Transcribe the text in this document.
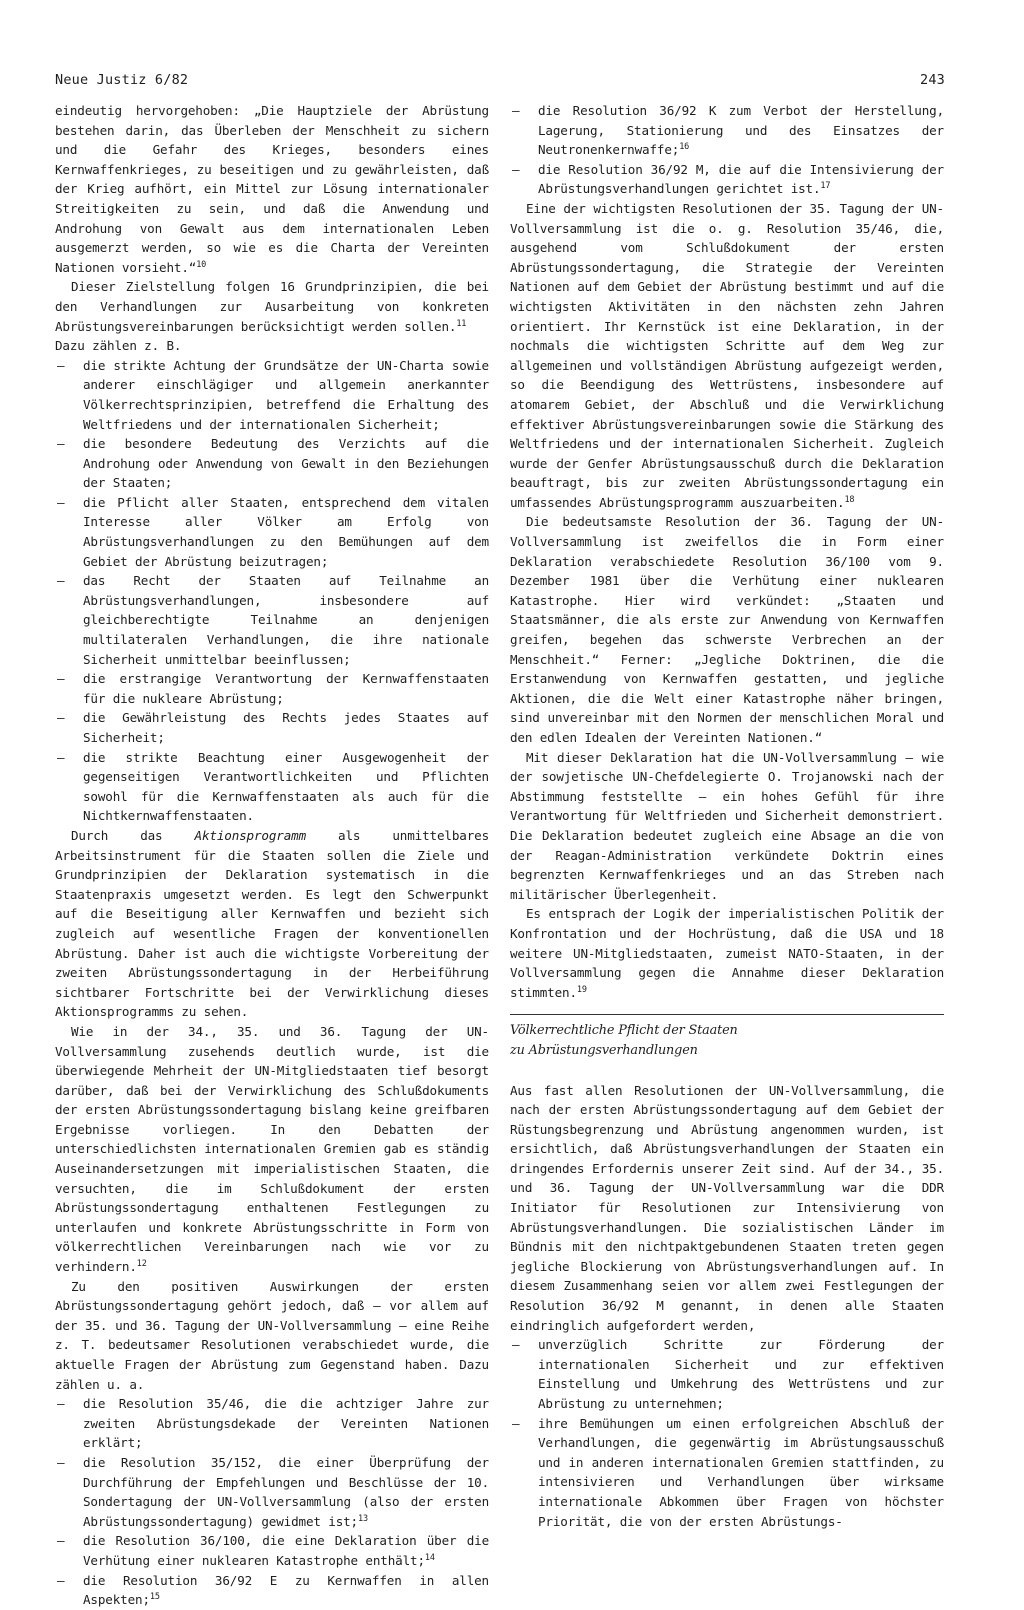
Neue Justiz 6/82	243

eindeutig hervorgehoben: „Die Hauptziele der Abrüstung bestehen darin, das Überleben der Menschheit zu sichern und die Gefahr des Krieges, besonders eines Kernwaffenkrieges, zu beseitigen und zu gewährleisten, daß der Krieg aufhört, ein Mittel zur Lösung internationaler Streitigkeiten zu sein, und daß die Anwendung und Androhung von Gewalt aus dem internationalen Leben ausgemerzt werden, so wie es die Charta der Vereinten Nationen vorsieht.“$^{10}$

Dieser Zielstellung folgen 16 Grundprinzipien, die bei den Verhandlungen zur Ausarbeitung von konkreten Abrüstungsvereinbarungen berücksichtigt werden sollen.$^{11}$

Dazu zählen z. B.

— die strikte Achtung der Grundsätze der UN-Charta sowie anderer einschlägiger und allgemein anerkannter Völkerrechtsprinzipien, betreffend die Erhaltung des Weltfriedens und der internationalen Sicherheit;
— die besondere Bedeutung des Verzichts auf die Androhung oder Anwendung von Gewalt in den Beziehungen der Staaten;
— die Pflicht aller Staaten, entsprechend dem vitalen Interesse aller Völker am Erfolg von Abrüstungsverhandlungen zu den Bemühungen auf dem Gebiet der Abrüstung beizutragen;
— das Recht der Staaten auf Teilnahme an Abrüstungsverhandlungen, insbesondere auf gleichberechtigte Teilnahme an denjenigen multilateralen Verhandlungen, die ihre nationale Sicherheit unmittelbar beeinflussen;
— die erstrangige Verantwortung der Kernwaffenstaaten für die nukleare Abrüstung;
— die Gewährleistung des Rechts jedes Staates auf Sicherheit;
— die strikte Beachtung einer Ausgewogenheit der gegenseitigen Verantwortlichkeiten und Pflichten sowohl für die Kernwaffenstaaten als auch für die Nichtkernwaffenstaaten.

Durch das Aktionsprogramm als unmittelbares Arbeitsinstrument für die Staaten sollen die Ziele und Grundprinzipien der Deklaration systematisch in die Staatenpraxis umgesetzt werden. Es legt den Schwerpunkt auf die Beseitigung aller Kernwaffen und bezieht sich zugleich auf wesentliche Fragen der konventionellen Abrüstung. Daher ist auch die wichtigste Vorbereitung der zweiten Abrüstungssondertagung in der Herbeiführung sichtbarer Fortschritte bei der Verwirklichung dieses Aktionsprogramms zu sehen.

Wie in der 34., 35. und 36. Tagung der UN-Vollversammlung zusehends deutlich wurde, ist die überwiegende Mehrheit der UN-Mitgliedstaaten tief besorgt darüber, daß bei der Verwirklichung des Schlußdokuments der ersten Abrüstungssondertagung bislang keine greifbaren Ergebnisse vorliegen. In den Debatten der unterschiedlichsten internationalen Gremien gab es ständig Auseinandersetzungen mit imperialistischen Staaten, die versuchten, die im Schlußdokument der ersten Abrüstungssondertagung enthaltenen Festlegungen zu unterlaufen und konkrete Abrüstungsschritte in Form von völkerrechtlichen Vereinbarungen nach wie vor zu verhindern.$^{12}$

Zu den positiven Auswirkungen der ersten Abrüstungssondertagung gehört jedoch, daß — vor allem auf der 35. und 36. Tagung der UN-Vollversammlung — eine Reihe z. T. bedeutsamer Resolutionen verabschiedet wurde, die aktuelle Fragen der Abrüstung zum Gegenstand haben. Dazu zählen u. a.

— die Resolution 35/46, die die achtziger Jahre zur zweiten Abrüstungsdekade der Vereinten Nationen erklärt;
— die Resolution 35/152, die einer Überprüfung der Durchführung der Empfehlungen und Beschlüsse der 10. Sondertagung der UN-Vollversammlung (also der ersten Abrüstungssondertagung) gewidmet ist;$^{13}$
— die Resolution 36/100, die eine Deklaration über die Verhütung einer nuklearen Katastrophe enthält;$^{14}$
— die Resolution 36/92 E zu Kernwaffen in allen Aspekten;$^{15}$
— die Resolution 36/92 K zum Verbot der Herstellung, Lagerung, Stationierung und des Einsatzes der Neutronenkernwaffe;$^{16}$
— die Resolution 36/92 M, die auf die Intensivierung der Abrüstungsverhandlungen gerichtet ist.$^{17}$

Eine der wichtigsten Resolutionen der 35. Tagung der UN-Vollversammlung ist die o. g. Resolution 35/46, die, ausgehend vom Schlußdokument der ersten Abrüstungssondertagung, die Strategie der Vereinten Nationen auf dem Gebiet der Abrüstung bestimmt und auf die wichtigsten Aktivitäten in den nächsten zehn Jahren orientiert. Ihr Kernstück ist eine Deklaration, in der nochmals die wichtigsten Schritte auf dem Weg zur allgemeinen und vollständigen Abrüstung aufgezeigt werden, so die Beendigung des Wettrüstens, insbesondere auf atomarem Gebiet, der Abschluß und die Verwirklichung effektiver Abrüstungsvereinbarungen sowie die Stärkung des Weltfriedens und der internationalen Sicherheit. Zugleich wurde der Genfer Abrüstungsausschuß durch die Deklaration beauftragt, bis zur zweiten Abrüstungssondertagung ein umfassendes Abrüstungsprogramm auszuarbeiten.$^{18}$

Die bedeutsamste Resolution der 36. Tagung der UN-Vollversammlung ist zweifellos die in Form einer Deklaration verabschiedete Resolution 36/100 vom 9. Dezember 1981 über die Verhütung einer nuklearen Katastrophe. Hier wird verkündet: „Staaten und Staatsmänner, die als erste zur Anwendung von Kernwaffen greifen, begehen das schwerste Verbrechen an der Menschheit.“ Ferner: „Jegliche Doktrinen, die die Erstanwendung von Kernwaffen gestatten, und jegliche Aktionen, die die Welt einer Katastrophe näher bringen, sind unvereinbar mit den Normen der menschlichen Moral und den edlen Idealen der Vereinten Nationen.“

Mit dieser Deklaration hat die UN-Vollversammlung — wie der sowjetische UN-Chefdelegierte O. Trojanowski nach der Abstimmung feststellte — ein hohes Gefühl für ihre Verantwortung für Weltfrieden und Sicherheit demonstriert. Die Deklaration bedeutet zugleich eine Absage an die von der Reagan-Administration verkündete Doktrin eines begrenzten Kernwaffenkrieges und an das Streben nach militärischer Überlegenheit.

Es entsprach der Logik der imperialistischen Politik der Konfrontation und der Hochrüstung, daß die USA und 18 weitere UN-Mitgliedstaaten, zumeist NATO-Staaten, in der Vollversammlung gegen die Annahme dieser Deklaration stimmten.$^{19}$

Völkerrechtliche Pflicht der Staaten
zu Abrüstungsverhandlungen

Aus fast allen Resolutionen der UN-Vollversammlung, die nach der ersten Abrüstungssondertagung auf dem Gebiet der Rüstungsbegrenzung und Abrüstung angenommen wurden, ist ersichtlich, daß Abrüstungsverhandlungen der Staaten ein dringendes Erfordernis unserer Zeit sind. Auf der 34., 35. und 36. Tagung der UN-Vollversammlung war die DDR Initiator für Resolutionen zur Intensivierung von Abrüstungsverhandlungen. Die sozialistischen Länder im Bündnis mit den nichtpaktgebundenen Staaten treten gegen jegliche Blockierung von Abrüstungsverhandlungen auf. In diesem Zusammenhang seien vor allem zwei Festlegungen der Resolution 36/92 M genannt, in denen alle Staaten eindringlich aufgefordert werden,

— unverzüglich Schritte zur Förderung der internationalen Sicherheit und zur effektiven Einstellung und Umkehrung des Wettrüstens und zur Abrüstung zu unternehmen;
— ihre Bemühungen um einen erfolgreichen Abschluß der Verhandlungen, die gegenwärtig im Abrüstungsausschuß und in anderen internationalen Gremien stattfinden, zu intensivieren und Verhandlungen über wirksame internationale Abkommen über Fragen von höchster Priorität, die von der ersten Abrüstungs-
